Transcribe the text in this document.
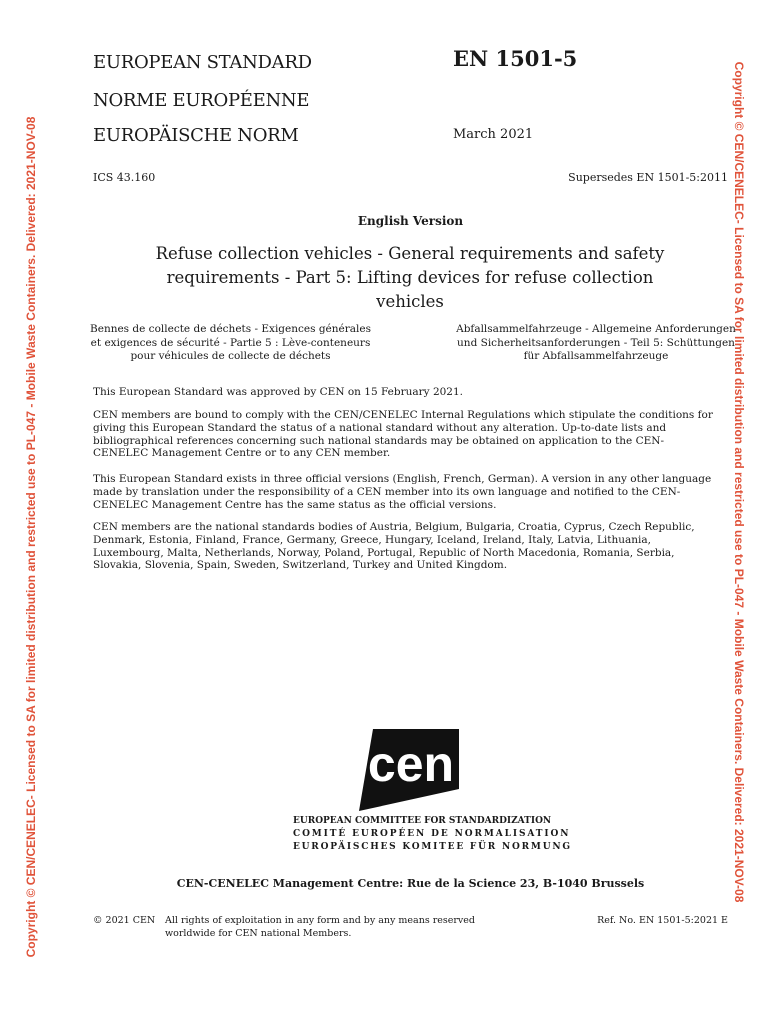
EUROPEAN STANDARD
NORME EUROPÉENNE
EUROPÄISCHE NORM
EN 1501-5
March 2021
ICS 43.160	Supersedes EN 1501-5:2011
English Version
Refuse collection vehicles - General requirements and safety requirements - Part 5: Lifting devices for refuse collection vehicles
Bennes de collecte de déchets - Exigences générales et exigences de sécurité - Partie 5 : Lève-conteneurs pour véhicules de collecte de déchets
Abfallsammelfahrzeuge - Allgemeine Anforderungen und Sicherheitsanforderungen - Teil 5: Schüttungen für Abfallsammelfahrzeuge
This European Standard was approved by CEN on 15 February 2021.
CEN members are bound to comply with the CEN/CENELEC Internal Regulations which stipulate the conditions for giving this European Standard the status of a national standard without any alteration. Up-to-date lists and bibliographical references concerning such national standards may be obtained on application to the CEN-CENELEC Management Centre or to any CEN member.
This European Standard exists in three official versions (English, French, German). A version in any other language made by translation under the responsibility of a CEN member into its own language and notified to the CEN-CENELEC Management Centre has the same status as the official versions.
CEN members are the national standards bodies of Austria, Belgium, Bulgaria, Croatia, Cyprus, Czech Republic, Denmark, Estonia, Finland, France, Germany, Greece, Hungary, Iceland, Ireland, Italy, Latvia, Lithuania, Luxembourg, Malta, Netherlands, Norway, Poland, Portugal, Republic of North Macedonia, Romania, Serbia, Slovakia, Slovenia, Spain, Sweden, Switzerland, Turkey and United Kingdom.
cen
EUROPEAN COMMITTEE FOR STANDARDIZATION
COMITÉ EUROPÉEN DE NORMALISATION
EUROPÄISCHES KOMITEE FÜR NORMUNG
CEN-CENELEC Management Centre: Rue de la Science 23, B-1040 Brussels
© 2021 CEN All rights of exploitation in any form and by any means reserved worldwide for CEN national Members.
Ref. No. EN 1501-5:2021 E
Copyright © CEN/CENELEC- Licensed to SA for limited distribution and restricted use to PL-047 - Mobile Waste Containers. Delivered: 2021-NOV-08	Copyright © CEN/CENELEC- Licensed to SA for limited distribution and restricted use to PL-047 - Mobile Waste Containers. Delivered: 2021-NOV-08
